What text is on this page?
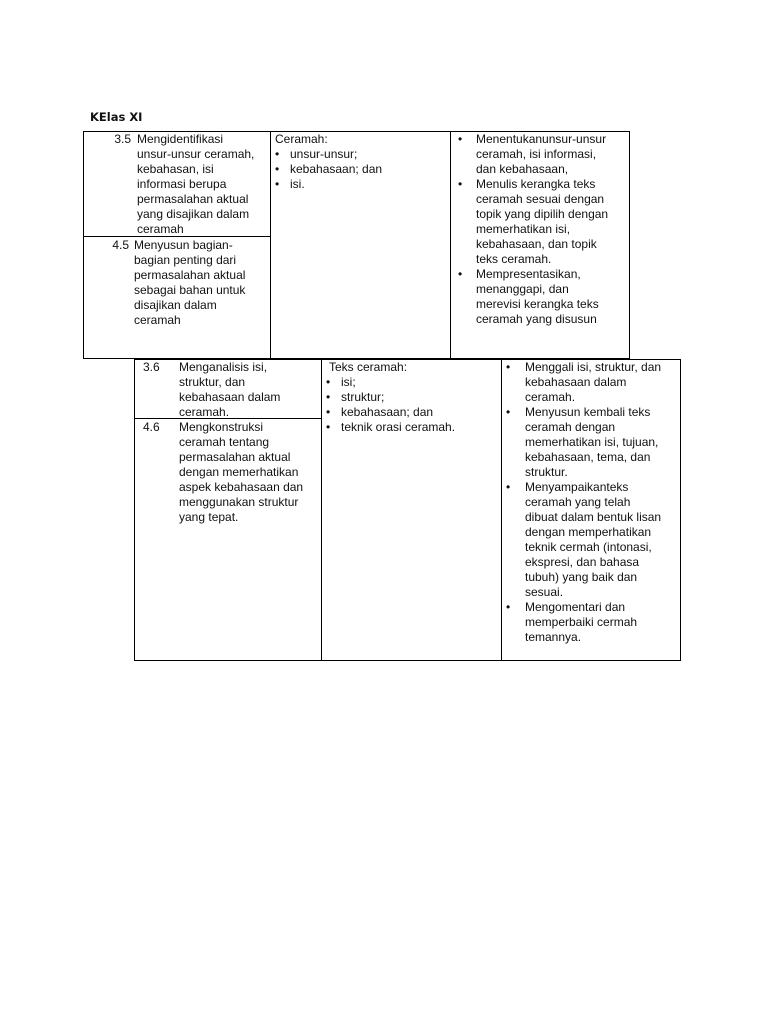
KElas XI
3.5 Mengidentifikasi
unsur-unsur ceramah,
kebahasan, isi
informasi berupa
permasalahan aktual
yang disajikan dalam
ceramah
4.5 Menyusun bagian-
bagian penting dari
permasalahan aktual
sebagai bahan untuk
disajikan dalam
ceramah
Ceramah:
• unsur-unsur;
• kebahasaan; dan
• isi.
• Menentukanunsur-unsur
ceramah, isi informasi,
dan kebahasaan,
• Menulis kerangka teks
ceramah sesuai dengan
topik yang dipilih dengan
memerhatikan isi,
kebahasaan, dan topik
teks ceramah.
• Mempresentasikan,
menanggapi, dan
merevisi kerangka teks
ceramah yang disusun
3.6	Menganalisis isi,
struktur, dan
kebahasaan dalam
ceramah.
4.6	Mengkonstruksi
ceramah tentang
permasalahan aktual
dengan memerhatikan
aspek kebahasaan dan
menggunakan struktur
yang tepat.
Teks ceramah:
• isi;
• struktur;
• kebahasaan; dan
• teknik orasi ceramah.
• Menggali isi, struktur, dan
kebahasaan dalam
ceramah.
• Menyusun kembali teks
ceramah dengan
memerhatikan isi, tujuan,
kebahasaan, tema, dan
struktur.
• Menyampaikanteks
ceramah yang telah
dibuat dalam bentuk lisan
dengan memperhatikan
teknik cermah (intonasi,
ekspresi, dan bahasa
tubuh) yang baik dan
sesuai.
• Mengomentari dan
memperbaiki cermah
temannya.
